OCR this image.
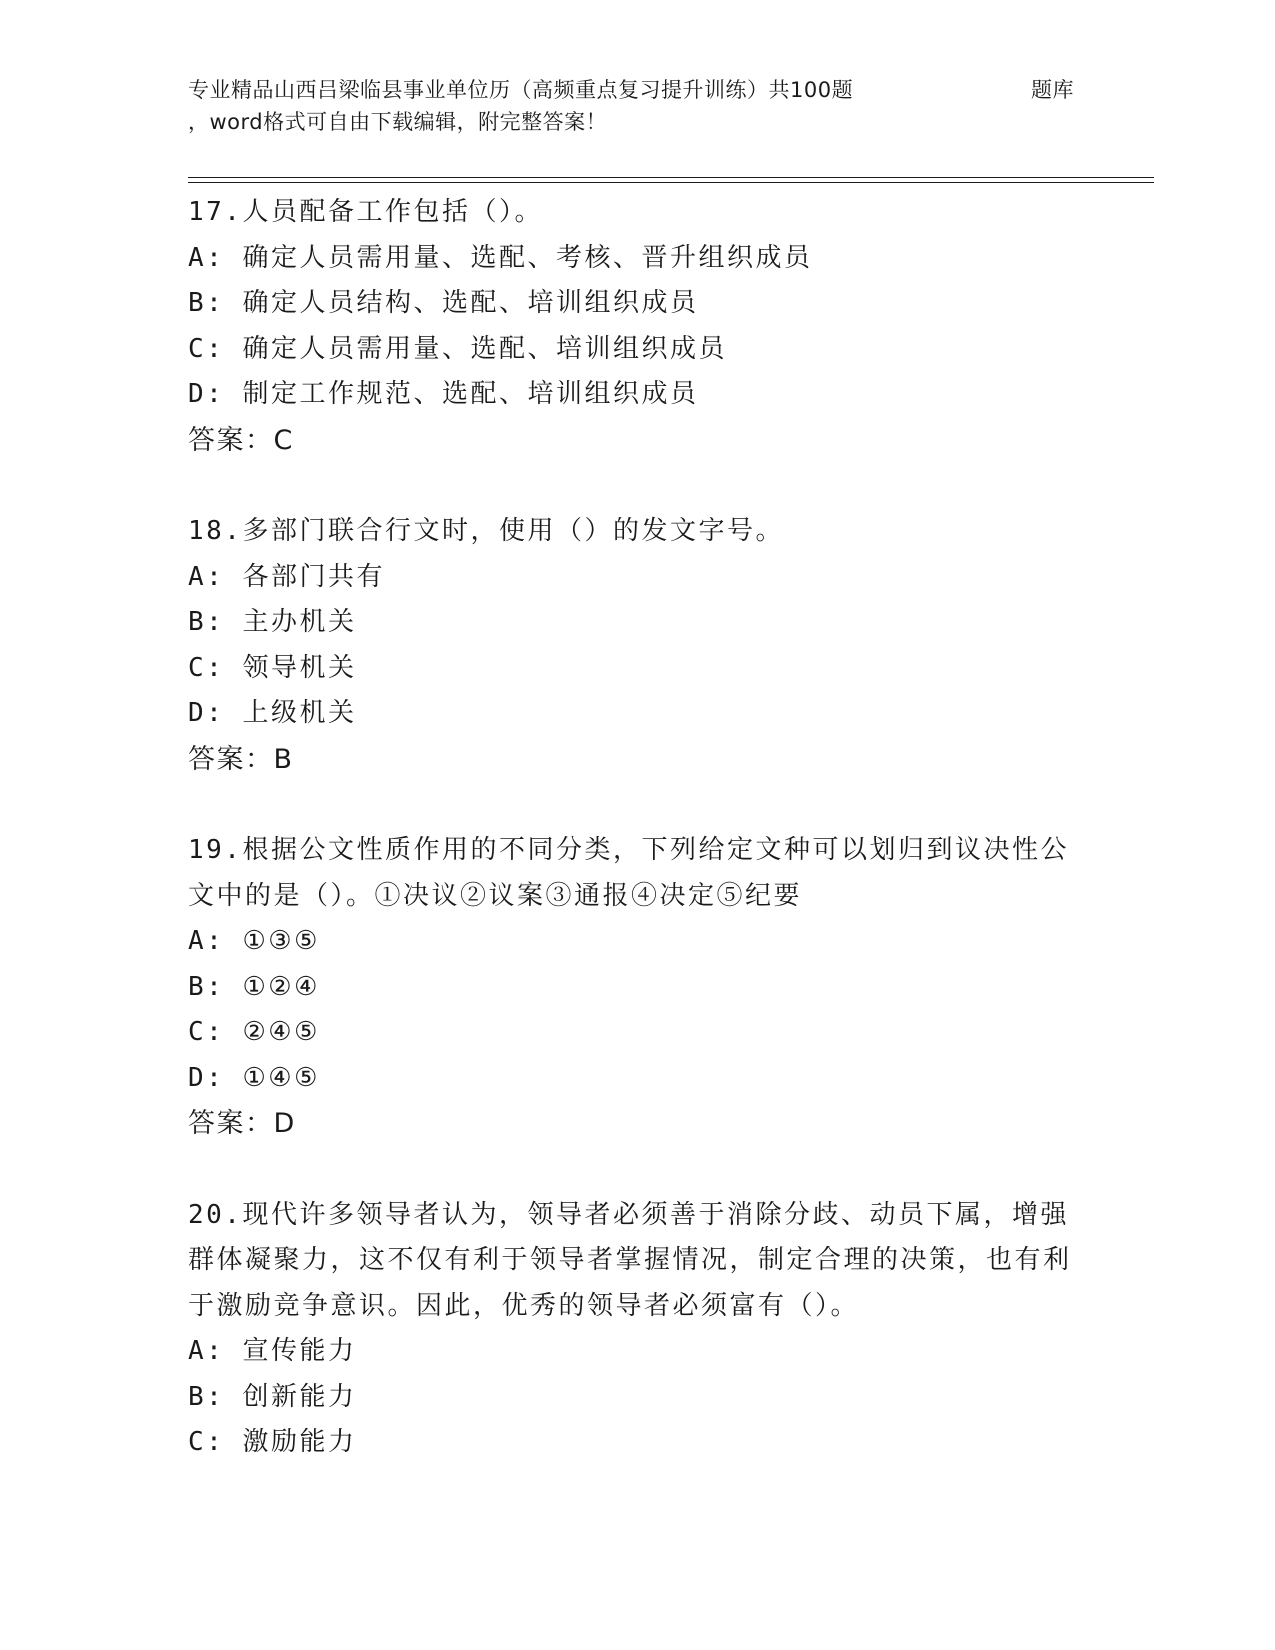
专业精品山西吕梁临县事业单位历（高频重点复习提升训练）共100题	题库
，word格式可自由下载编辑，附完整答案！
17.人员配备工作包括（）。
A: 确定人员需用量、选配、考核、晋升组织成员
B: 确定人员结构、选配、培训组织成员
C: 确定人员需用量、选配、培训组织成员
D: 制定工作规范、选配、培训组织成员
答案：C
18.多部门联合行文时，使用（）的发文字号。
A: 各部门共有
B: 主办机关
C: 领导机关
D: 上级机关
答案：B
19.根据公文性质作用的不同分类，下列给定文种可以划归到议决性公文中的是（）。①决议②议案③通报④决定⑤纪要
A: ①③⑤
B: ①②④
C: ②④⑤
D: ①④⑤
答案：D
20.现代许多领导者认为，领导者必须善于消除分歧、动员下属，增强群体凝聚力，这不仅有利于领导者掌握情况，制定合理的决策，也有利于激励竞争意识。因此，优秀的领导者必须富有（）。
A: 宣传能力
B: 创新能力
C: 激励能力
